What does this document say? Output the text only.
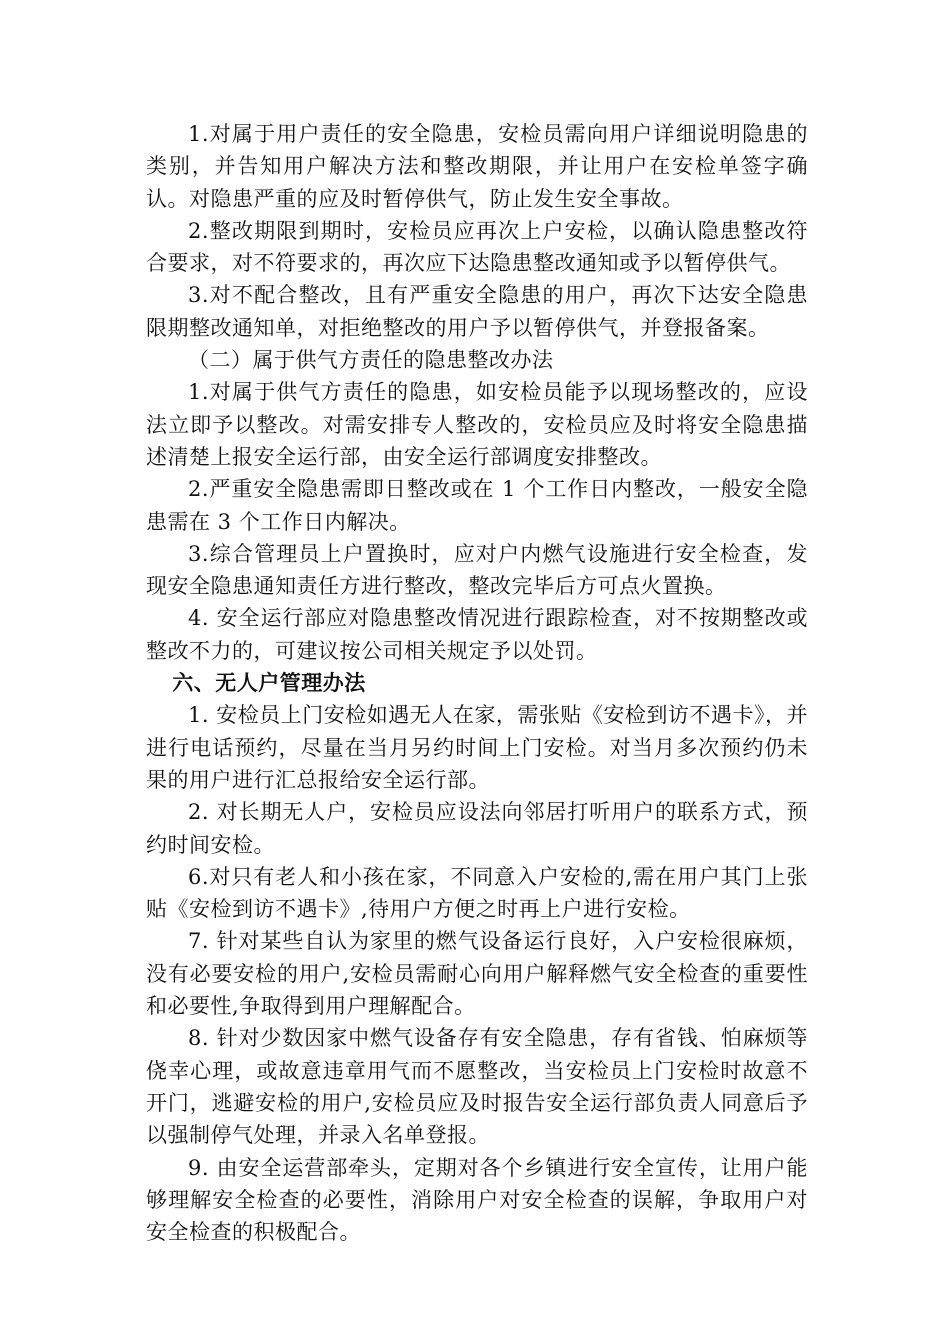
1.对属于用户责任的安全隐患，安检员需向用户详细说明隐患的类别，并告知用户解决方法和整改期限，并让用户在安检单签字确认。对隐患严重的应及时暂停供气，防止发生安全事故。

2.整改期限到期时，安检员应再次上户安检，以确认隐患整改符合要求，对不符要求的，再次应下达隐患整改通知或予以暂停供气。

3.对不配合整改，且有严重安全隐患的用户，再次下达安全隐患限期整改通知单，对拒绝整改的用户予以暂停供气，并登报备案。

（二）属于供气方责任的隐患整改办法

1.对属于供气方责任的隐患，如安检员能予以现场整改的，应设法立即予以整改。对需安排专人整改的，安检员应及时将安全隐患描述清楚上报安全运行部，由安全运行部调度安排整改。

2.严重安全隐患需即日整改或在 1 个工作日内整改，一般安全隐患需在 3 个工作日内解决。

3.综合管理员上户置换时，应对户内燃气设施进行安全检查，发现安全隐患通知责任方进行整改，整改完毕后方可点火置换。

4. 安全运行部应对隐患整改情况进行跟踪检查，对不按期整改或整改不力的，可建议按公司相关规定予以处罚。

六、无人户管理办法

1. 安检员上门安检如遇无人在家，需张贴《安检到访不遇卡》，并进行电话预约，尽量在当月另约时间上门安检。对当月多次预约仍未果的用户进行汇总报给安全运行部。

2. 对长期无人户，安检员应设法向邻居打听用户的联系方式，预约时间安检。

6.对只有老人和小孩在家，不同意入户安检的,需在用户其门上张贴《安检到访不遇卡》,待用户方便之时再上户进行安检。

7. 针对某些自认为家里的燃气设备运行良好，入户安检很麻烦，没有必要安检的用户,安检员需耐心向用户解释燃气安全检查的重要性和必要性,争取得到用户理解配合。

8. 针对少数因家中燃气设备存有安全隐患，存有省钱、怕麻烦等侥幸心理，或故意违章用气而不愿整改，当安检员上门安检时故意不开门，逃避安检的用户,安检员应及时报告安全运行部负责人同意后予以强制停气处理，并录入名单登报。

9. 由安全运营部牵头，定期对各个乡镇进行安全宣传，让用户能够理解安全检查的必要性，消除用户对安全检查的误解，争取用户对安全检查的积极配合。
